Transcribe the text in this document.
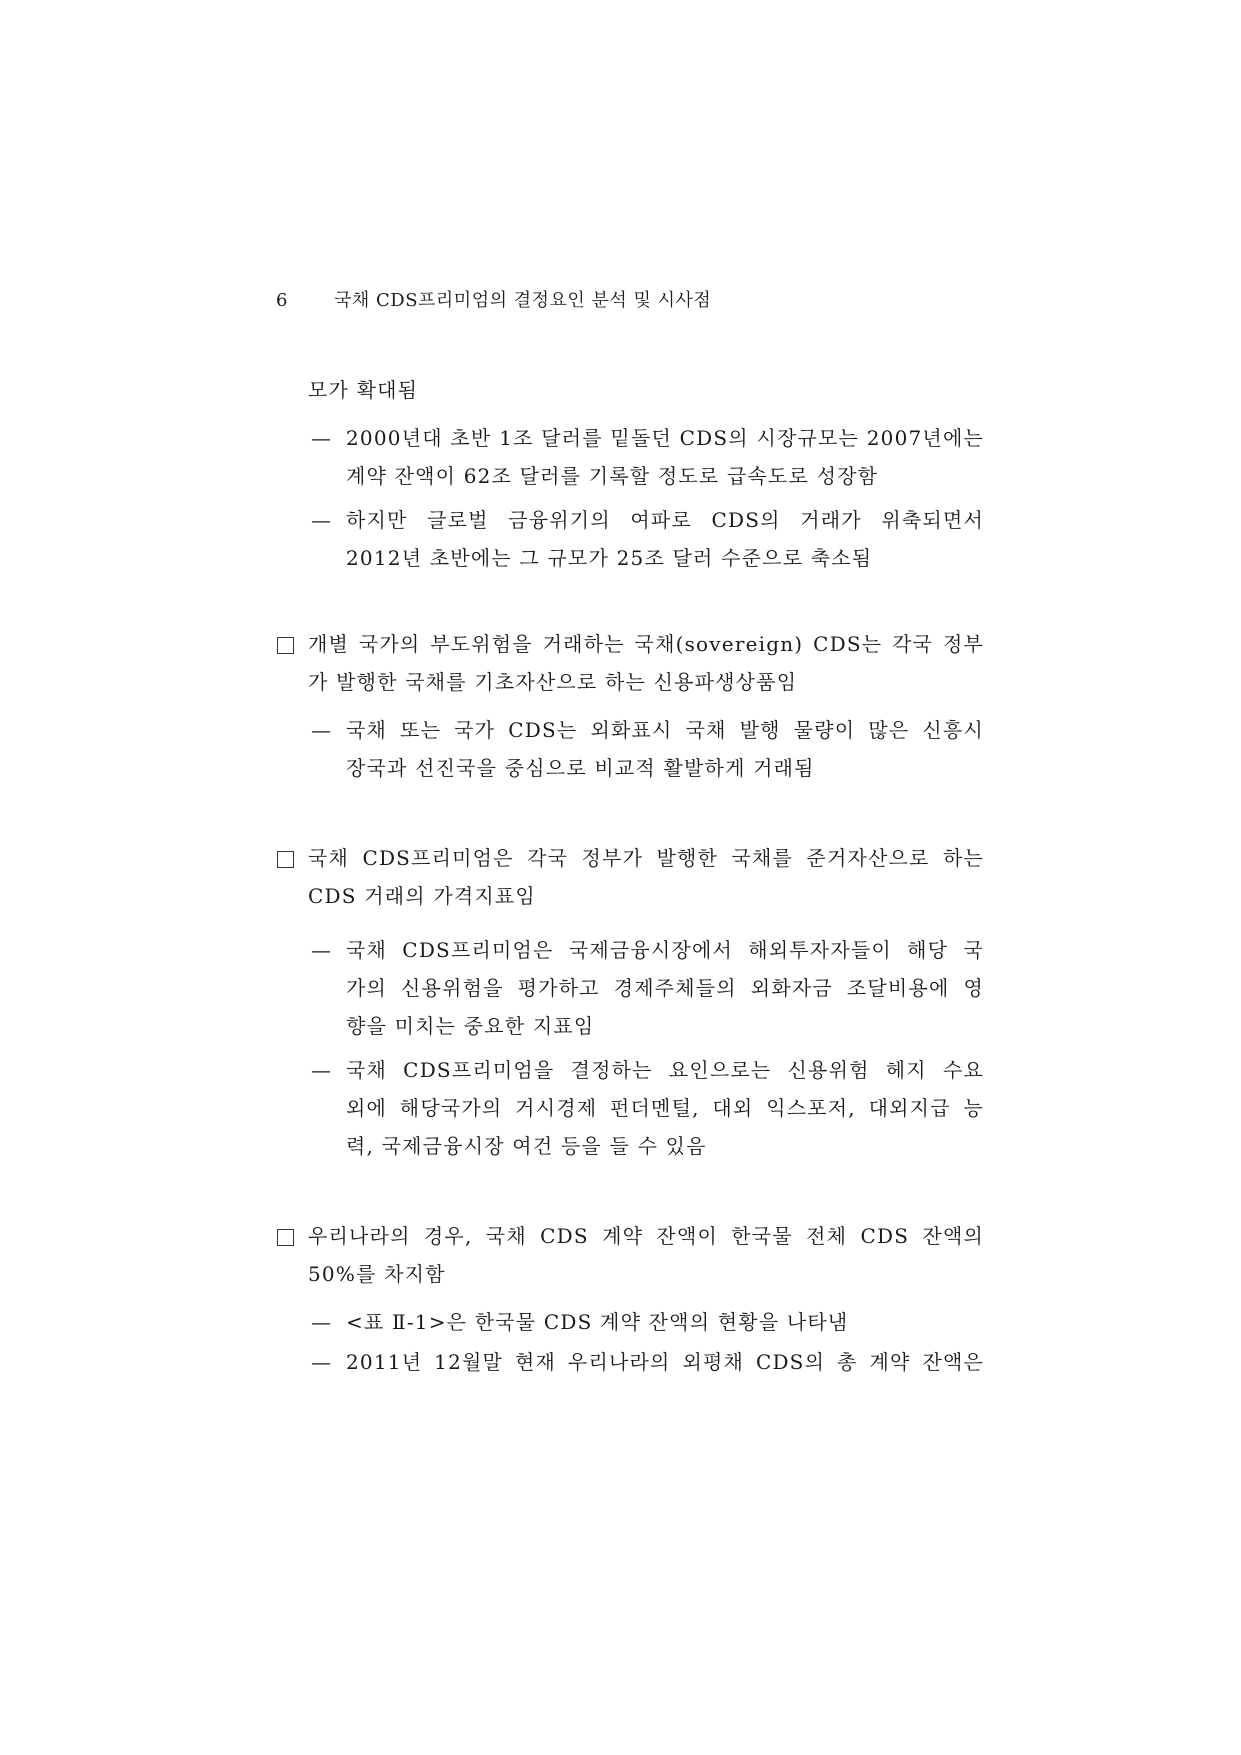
6	국채 CDS프리미엄의 결정요인 분석 및 시사점
모가 확대됨
— 2000년대 초반 1조 달러를 밑돌던 CDS의 시장규모는 2007년에는
계약 잔액이 62조 달러를 기록할 정도로 급속도로 성장함
— 하지만 글로벌 금융위기의 여파로 CDS의 거래가 위축되면서
2012년 초반에는 그 규모가 25조 달러 수준으로 축소됨
개별 국가의 부도위험을 거래하는 국채(sovereign) CDS는 각국 정부
가 발행한 국채를 기초자산으로 하는 신용파생상품임
— 국채 또는 국가 CDS는 외화표시 국채 발행 물량이 많은 신흥시
장국과 선진국을 중심으로 비교적 활발하게 거래됨
국채 CDS프리미엄은 각국 정부가 발행한 국채를 준거자산으로 하는
CDS 거래의 가격지표임
— 국채 CDS프리미엄은 국제금융시장에서 해외투자자들이 해당 국
가의 신용위험을 평가하고 경제주체들의 외화자금 조달비용에 영
향을 미치는 중요한 지표임
— 국채 CDS프리미엄을 결정하는 요인으로는 신용위험 헤지 수요
외에 해당국가의 거시경제 펀더멘털, 대외 익스포저, 대외지급 능
력, 국제금융시장 여건 등을 들 수 있음
우리나라의 경우, 국채 CDS 계약 잔액이 한국물 전체 CDS 잔액의
50%를 차지함
— <표 Ⅱ-1>은 한국물 CDS 계약 잔액의 현황을 나타냄
— 2011년 12월말 현재 우리나라의 외평채 CDS의 총 계약 잔액은
